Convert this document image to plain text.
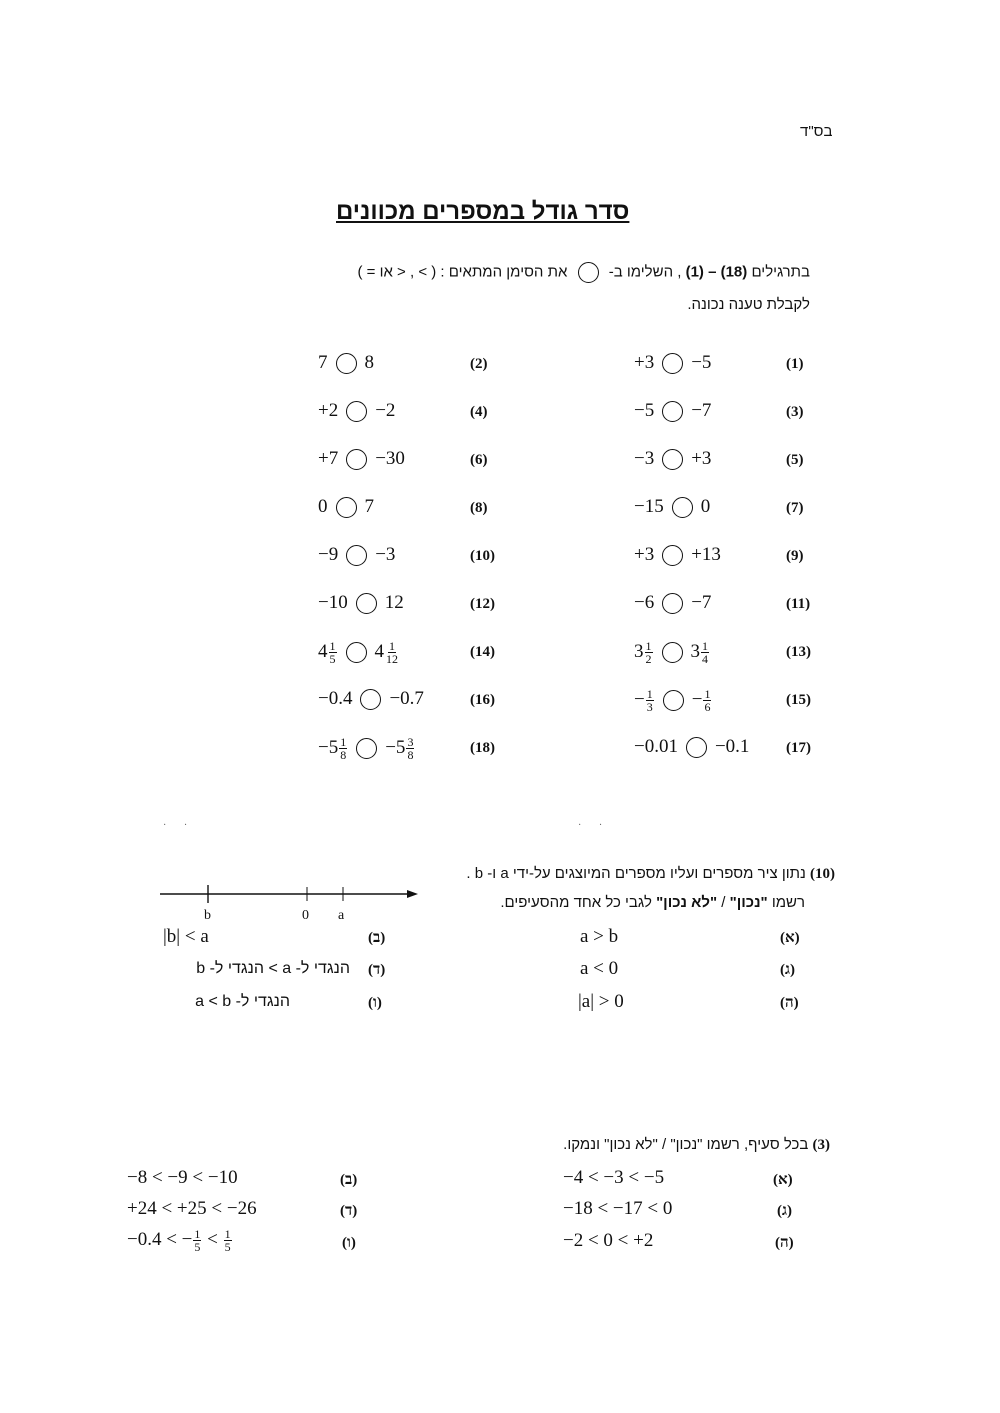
בס"ד
סדר גודל במספרים מכוונים
בתרגילים (1) – (18) , השלימו ב-  את הסימן המתאים : ( > , < או = )
לקבלת טענה נכונה.
(1)
+3 −5
(2)
7 8
(3)
−5 −7
(4)
+2 −2
(5)
−3 +3
(6)
+7 −30
(7)
−15 0
(8)
0 7
(9)
+3 +13
(10)
−9 −3
(11)
−6 −7
(12)
−10 12
(13)
$3 \frac{1}{2} 3 \frac{1}{4}$
(14)
$4 \frac{1}{5} 4 \frac{1}{12}$
(15)
− $\frac{1}{3} - \frac{1}{6}$
(16)
−0.4 −0.7
(17)
−0.01 −0.1
(18)
$-5 \frac{1}{8} -5 \frac{3}{8}$
·       ·	·       ·
(10) נתון ציר מספרים ועליו מספרים המיוצגים על-ידי a ו- b .
רשמו "נכון" / "לא נכון" לגבי כל אחד מהסעיפים.
b	0 a
(א)
a > b
(ב)
|b| < a
(ג)
a < 0
(ד)
הנגדי ל- a > הנגדי ל- b
(ה)
|a| > 0
(ו)
הנגדי ל- a < b
(3) בכל סעיף, רשמו "נכון" / "לא נכון" ונמקו.
(א)
−4 < −3 < −5
(ב)
−8 < −9 < −10
(ג)
−18 < −17 < 0
(ד)
+24 < +25 < −26
(ה)
−2 < 0 < +2
(ו)
−0.4 < − $\frac{1}{5} < \frac{1}{5}$
